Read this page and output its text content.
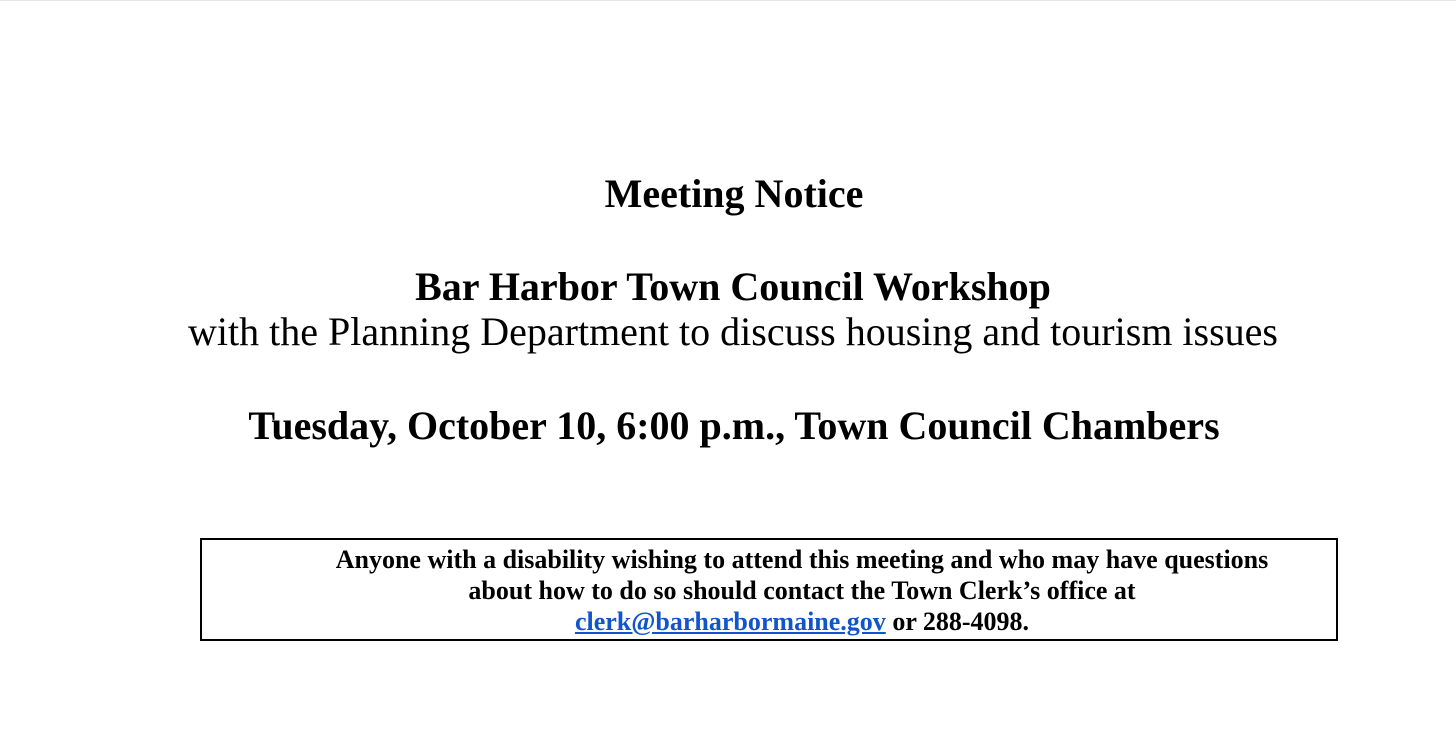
Meeting Notice
Bar Harbor Town Council Workshop
with the Planning Department to discuss housing and tourism issues
Tuesday, October 10, 6:00 p.m., Town Council Chambers
Anyone with a disability wishing to attend this meeting and who may have questions
about how to do so should contact the Town Clerk’s office at
clerk@barharbormaine.gov or 288-4098.
